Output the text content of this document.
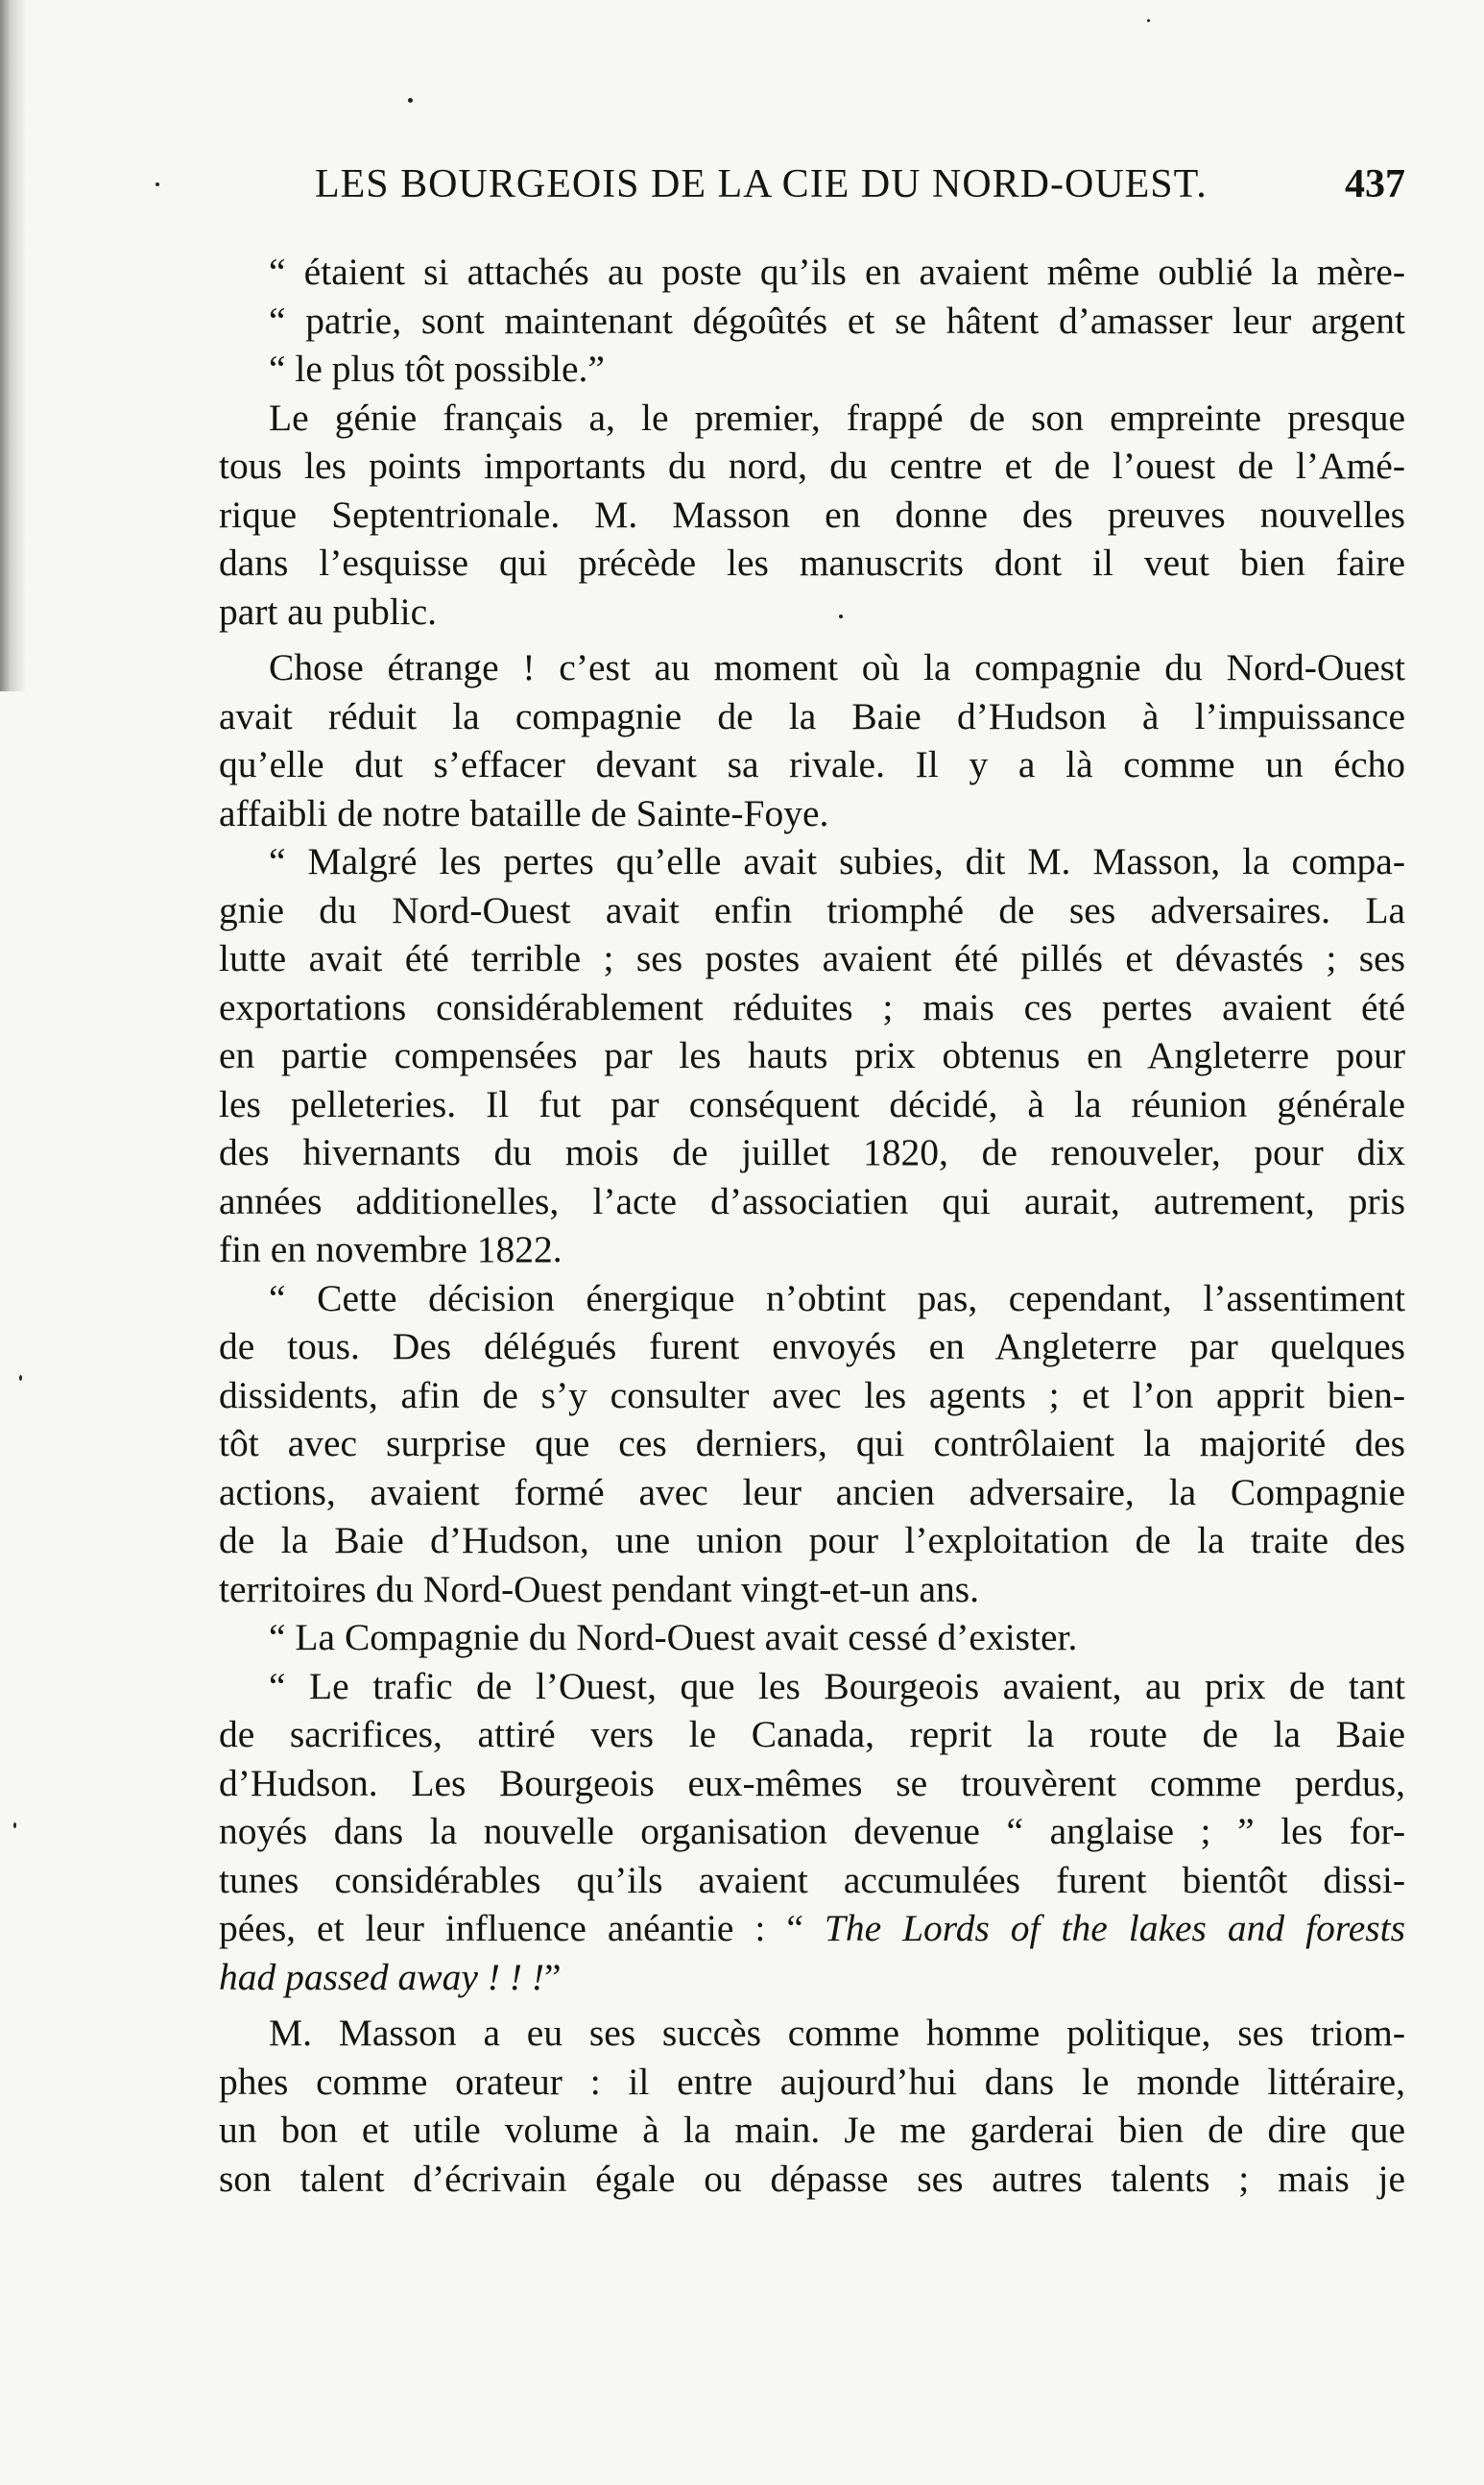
LES BOURGEOIS DE LA CIE DU NORD-OUEST.	437
“ étaient si attachés au poste qu’ils en avaient même oublié la mère-
“ patrie, sont maintenant dégoûtés et se hâtent d’amasser leur argent
“ le plus tôt possible.”
Le génie français a, le premier, frappé de son empreinte presque
tous les points importants du nord, du centre et de l’ouest de l’Amé-
rique Septentrionale. M. Masson en donne des preuves nouvelles
dans l’esquisse qui précède les manuscrits dont il veut bien faire
part au public.
Chose étrange ! c’est au moment où la compagnie du Nord-Ouest
avait réduit la compagnie de la Baie d’Hudson à l’impuissance
qu’elle dut s’effacer devant sa rivale. Il y a là comme un écho
affaibli de notre bataille de Sainte-Foye.
“ Malgré les pertes qu’elle avait subies, dit M. Masson, la compa-
gnie du Nord-Ouest avait enfin triomphé de ses adversaires. La
lutte avait été terrible ; ses postes avaient été pillés et dévastés ; ses
exportations considérablement réduites ; mais ces pertes avaient été
en partie compensées par les hauts prix obtenus en Angleterre pour
les pelleteries. Il fut par conséquent décidé, à la réunion générale
des hivernants du mois de juillet 1820, de renouveler, pour dix
années additionelles, l’acte d’associatien qui aurait, autrement, pris
fin en novembre 1822.
“ Cette décision énergique n’obtint pas, cependant, l’assentiment
de tous. Des délégués furent envoyés en Angleterre par quelques
dissidents, afin de s’y consulter avec les agents ; et l’on apprit bien-
tôt avec surprise que ces derniers, qui contrôlaient la majorité des
actions, avaient formé avec leur ancien adversaire, la Compagnie
de la Baie d’Hudson, une union pour l’exploitation de la traite des
territoires du Nord-Ouest pendant vingt-et-un ans.
“ La Compagnie du Nord-Ouest avait cessé d’exister.
“ Le trafic de l’Ouest, que les Bourgeois avaient, au prix de tant
de sacrifices, attiré vers le Canada, reprit la route de la Baie
d’Hudson. Les Bourgeois eux-mêmes se trouvèrent comme perdus,
noyés dans la nouvelle organisation devenue “ anglaise ; ” les for-
tunes considérables qu’ils avaient accumulées furent bientôt dissi-
pées, et leur influence anéantie : “ The Lords of the lakes and forests
had passed away ! ! !”
M. Masson a eu ses succès comme homme politique, ses triom-
phes comme orateur : il entre aujourd’hui dans le monde littéraire,
un bon et utile volume à la main. Je me garderai bien de dire que
son talent d’écrivain égale ou dépasse ses autres talents ; mais je
